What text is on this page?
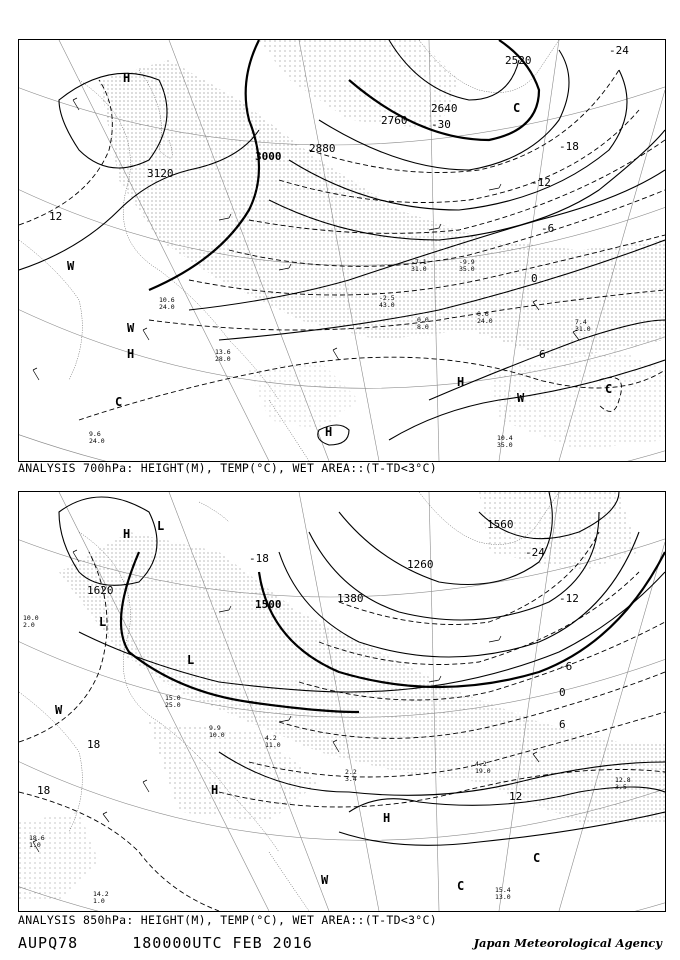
3120
3000
2880
2760
2640
2520
12
6
0
-6
-12
-18
-24
-30
H
W
W
H
C
H
W
C
H
C
10.6 24.0
9.6 24.0
13.6 28.0
-2.5 43.0
0.6 24.0	7.4 31.0
10.4 35.0
-9.9 35.0
-7.1 31.0
0.0 8.0
ANALYSIS 700hPa: HEIGHT(M), TEMP(°C), WET AREA::(T-TD<3°C)
1620
1500	1380
1260
1560
18
18	12
6
0
-6
-12
-18	-24
H
L
L
L
W
H
H
W
C
C
12.8 3.5
15.4 13.0
4.2 19.0
14.2 1.0
10.0 2.0
2.2 3.4
15.0 25.0
4.2 11.0
9.9 10.0
18.6 1.0
ANALYSIS 850hPa: HEIGHT(M), TEMP(°C), WET AREA::(T-TD<3°C)
AUPQ78	180000UTC FEB 2016	Japan Meteorological Agency
